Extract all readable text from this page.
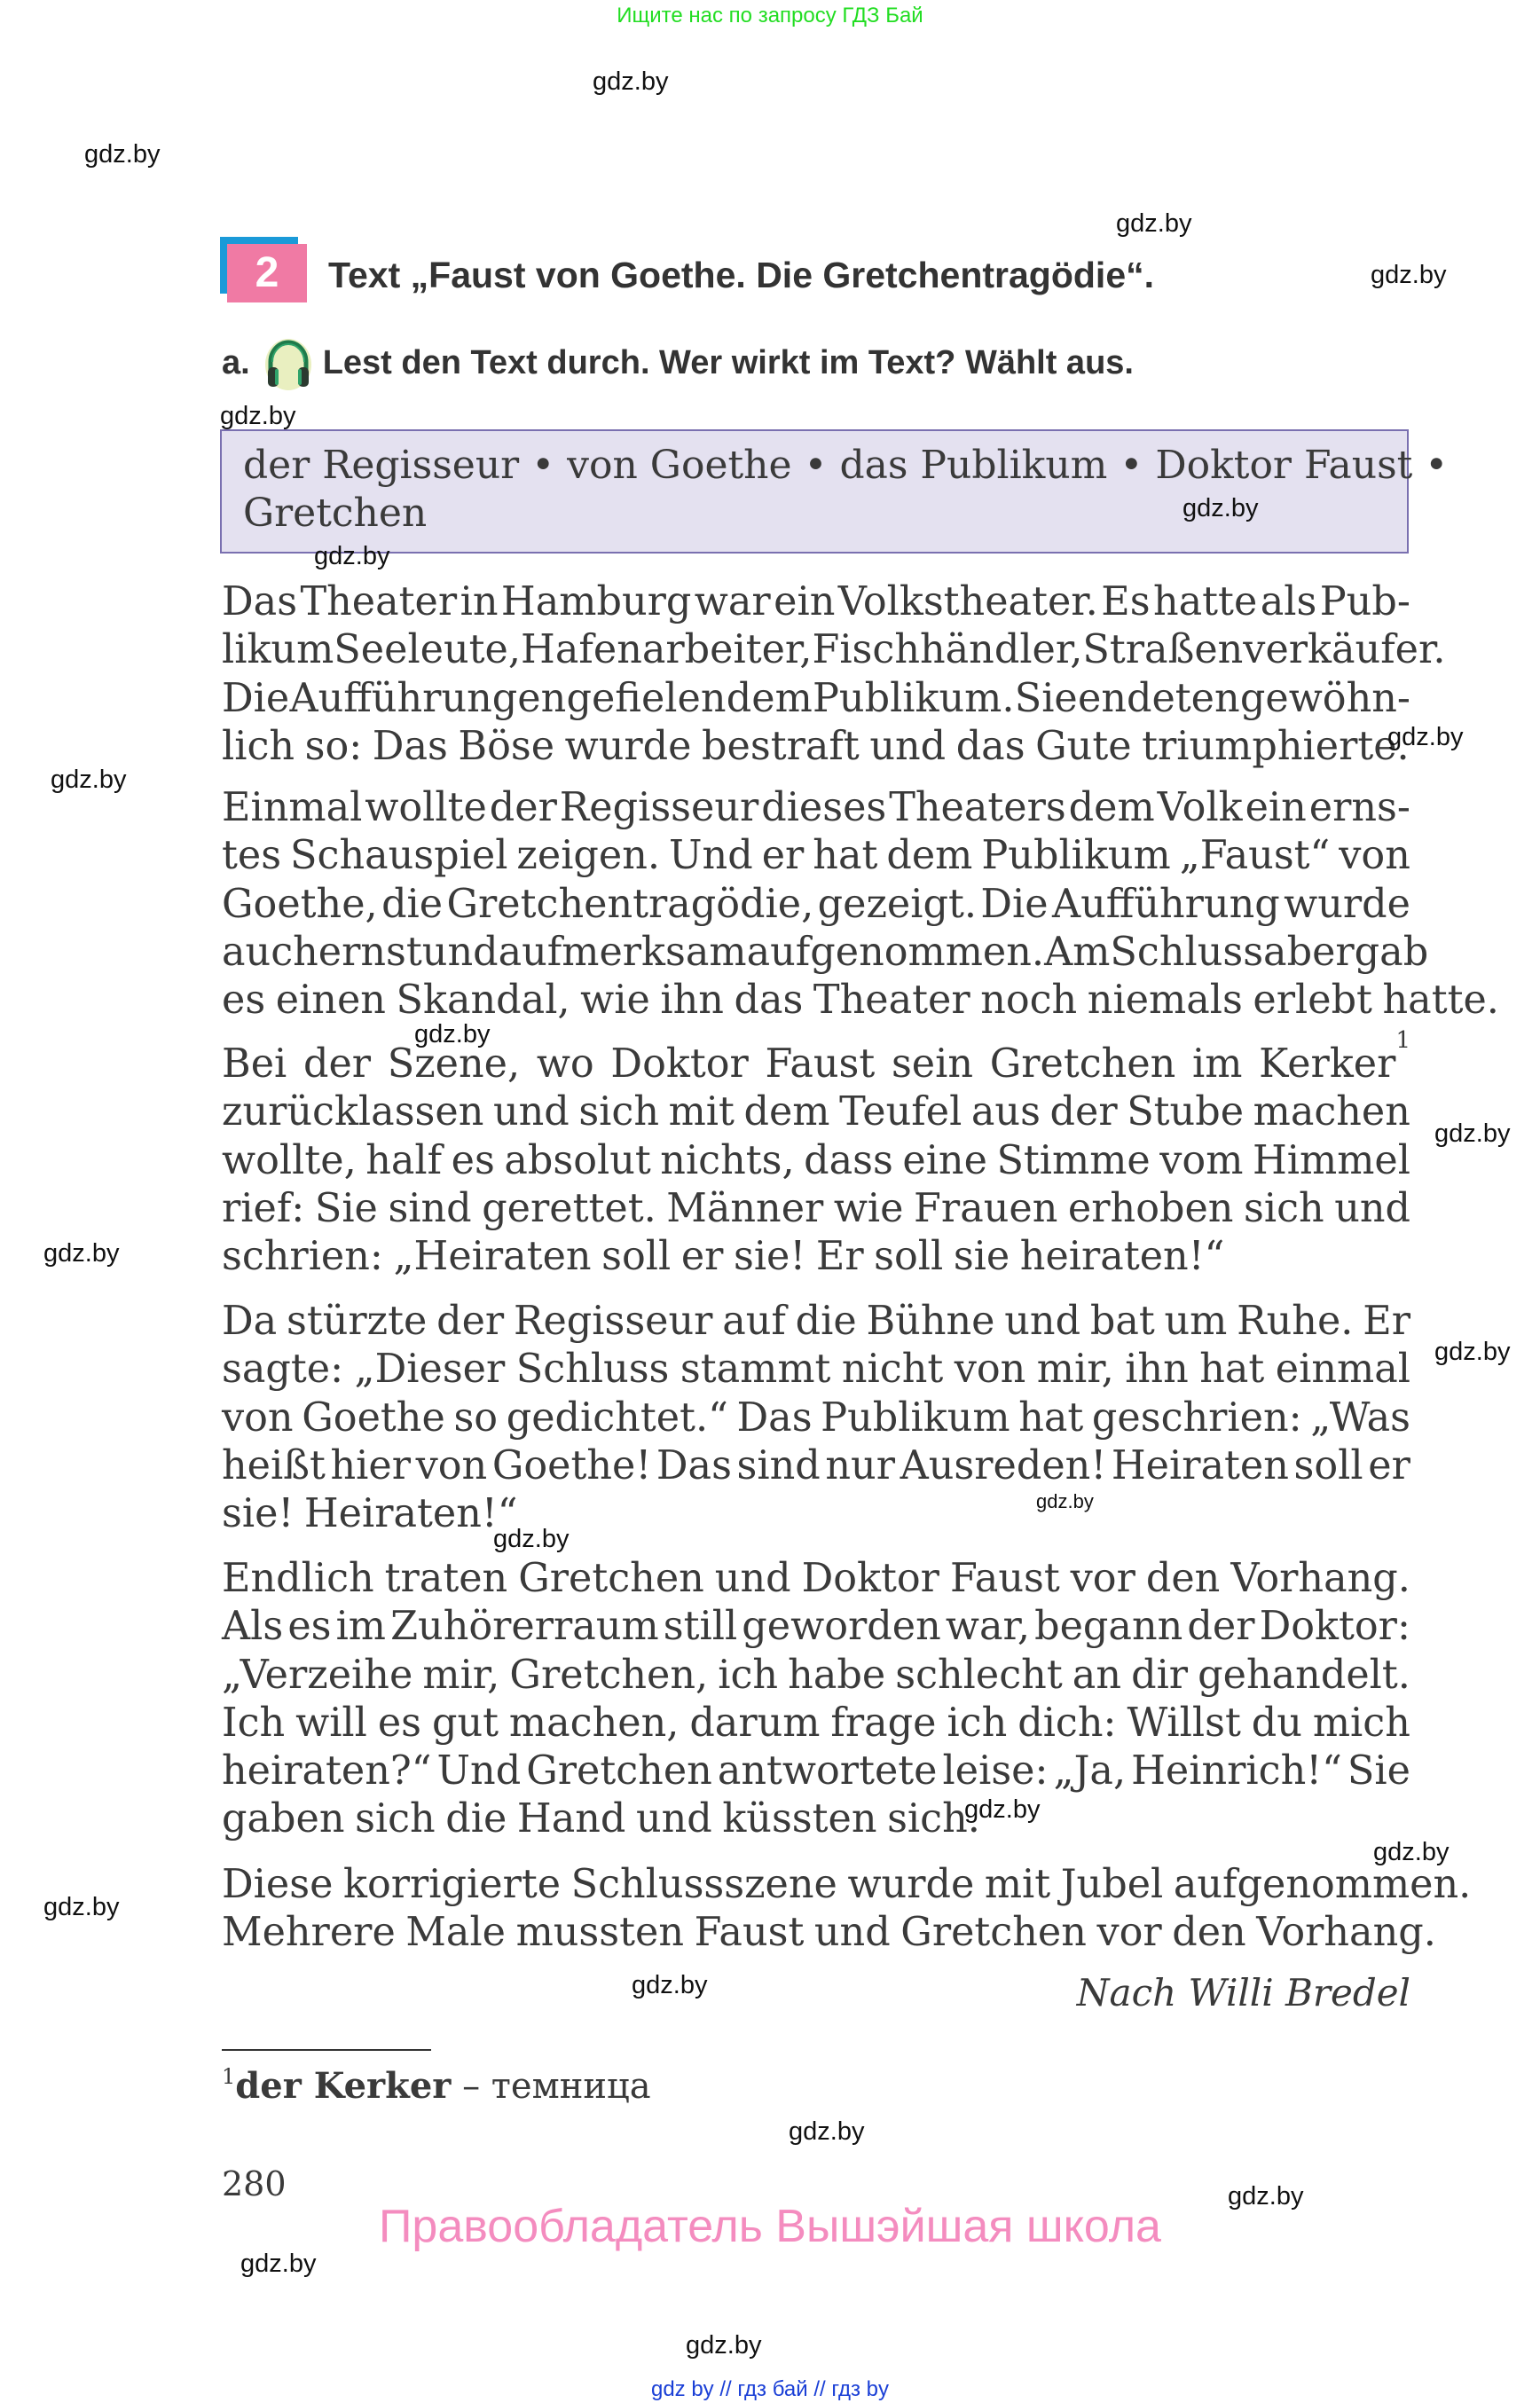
Ищите нас по запросу ГДЗ Бай
2	Text „Faust von Goethe. Die Gretchentragödie“.
a. Lest den Text durch. Wer wirkt im Text? Wählt aus.
der Regisseur • von Goethe • das Publikum • Doktor Faust •
Gretchen
Das Theater in Hamburg war ein Volkstheater. Es hatte als Pub-
likum Seeleute, Hafenarbeiter, Fischhändler, Straßenverkäufer.
Die Aufführungen gefielen dem Publikum. Sie endeten gewöhn-
lich so: Das Böse wurde bestraft und das Gute triumphierte.
Einmal wollte der Regisseur dieses Theaters dem Volk ein erns-
tes Schauspiel zeigen. Und er hat dem Publikum „Faust“ von
Goethe, die Gretchentragödie, gezeigt. Die Aufführung wurde
auch ernst und aufmerksam aufgenommen. Am Schluss aber gab
es einen Skandal, wie ihn das Theater noch niemals erlebt hatte.
Bei der Szene, wo Doktor Faust sein Gretchen im Kerker
1
zurücklassen und sich mit dem Teufel aus der Stube machen
wollte, half es absolut nichts, dass eine Stimme vom Himmel
rief: Sie sind gerettet. Männer wie Frauen erhoben sich und
schrien: „Heiraten soll er sie! Er soll sie heiraten!“
Da stürzte der Regisseur auf die Bühne und bat um Ruhe. Er
sagte: „Dieser Schluss stammt nicht von mir, ihn hat einmal
von Goethe so gedichtet.“ Das Publikum hat geschrien: „Was
heißt hier von Goethe! Das sind nur Ausreden! Heiraten soll er
sie! Heiraten!“
Endlich traten Gretchen und Doktor Faust vor den Vorhang.
Als es im Zuhörerraum still geworden war, begann der Doktor:
„Verzeihe mir, Gretchen, ich habe schlecht an dir gehandelt.
Ich will es gut machen, darum frage ich dich: Willst du mich
heiraten?“ Und Gretchen antwortete leise: „Ja, Heinrich!“ Sie
gaben sich die Hand und küssten sich.
Diese korrigierte Schlussszene wurde mit Jubel aufgenommen.
Mehrere Male mussten Faust und Gretchen vor den Vorhang.
Nach Willi Bredel
$^1$der Kerker – темница
280
Правообладатель Вышэйшая школа
gdz by // гдз бай // гдз by
gdz.by
gdz.by
gdz.by
gdz.by
gdz.by
gdz.by
gdz.by
gdz.by
gdz.by
gdz.by
gdz.by
gdz.by
gdz.by
gdz.by
gdz.by
gdz.by
gdz.by
gdz.by
gdz.by
gdz.by
gdz.by
gdz.by
gdz.by
